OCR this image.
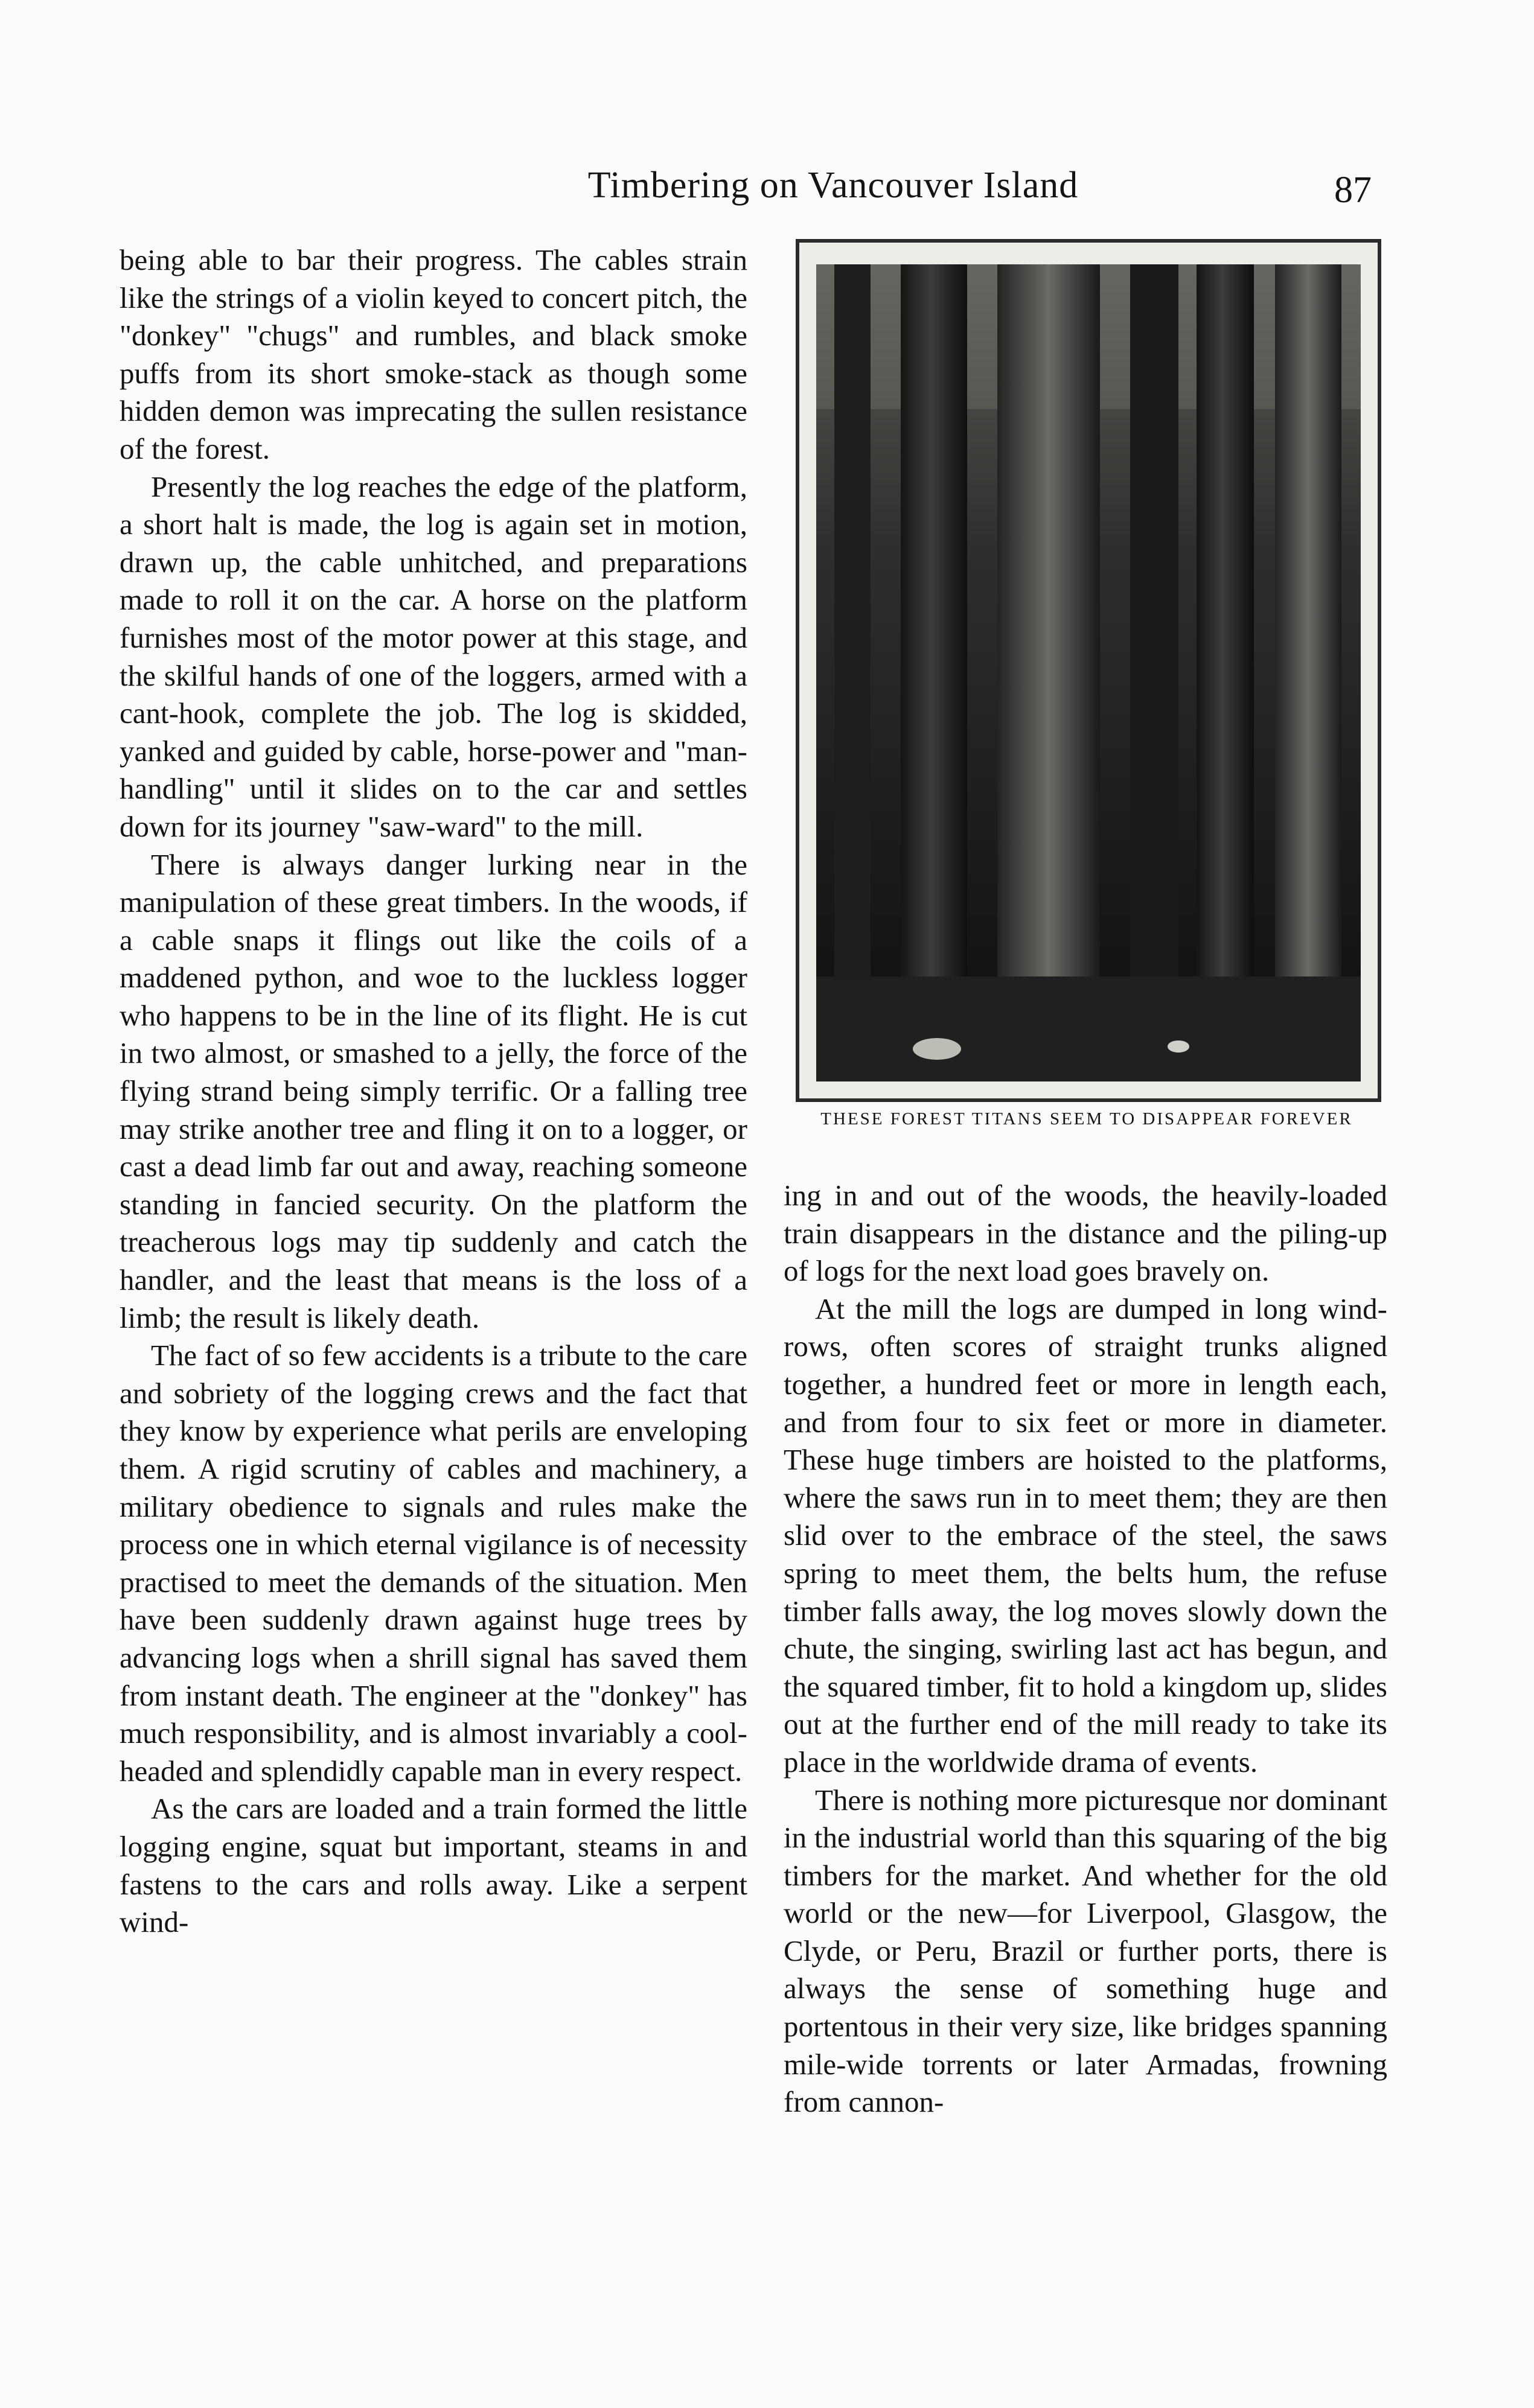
Timbering on Vancouver Island	87

being able to bar their progress. The cables strain like the strings of a violin keyed to concert pitch, the "donkey" "chugs" and rumbles, and black smoke puffs from its short smoke-stack as though some hidden demon was imprecating the sullen resistance of the forest.

Presently the log reaches the edge of the platform, a short halt is made, the log is again set in motion, drawn up, the cable unhitched, and preparations made to roll it on the car. A horse on the platform furnishes most of the motor power at this stage, and the skilful hands of one of the loggers, armed with a cant-hook, complete the job. The log is skidded, yanked and guided by cable, horse-power and "man-handling" until it slides on to the car and settles down for its journey "saw-ward" to the mill.

There is always danger lurking near in the manipulation of these great timbers. In the woods, if a cable snaps it flings out like the coils of a maddened python, and woe to the luckless logger who happens to be in the line of its flight. He is cut in two almost, or smashed to a jelly, the force of the flying strand being simply terrific. Or a falling tree may strike another tree and fling it on to a logger, or cast a dead limb far out and away, reaching someone standing in fancied security. On the platform the treacherous logs may tip suddenly and catch the handler, and the least that means is the loss of a limb; the result is likely death.

The fact of so few accidents is a tribute to the care and sobriety of the logging crews and the fact that they know by experience what perils are enveloping them. A rigid scrutiny of cables and machinery, a military obedience to signals and rules make the process one in which eternal vigilance is of necessity practised to meet the demands of the situation. Men have been suddenly drawn against huge trees by advancing logs when a shrill signal has saved them from instant death. The engineer at the "donkey" has much responsibility, and is almost invariably a cool-headed and splendidly capable man in every respect.

As the cars are loaded and a train formed the little logging engine, squat but important, steams in and fastens to the cars and rolls away. Like a serpent wind-

THESE FOREST TITANS SEEM TO DISAPPEAR FOREVER

ing in and out of the woods, the heavily-loaded train disappears in the distance and the piling-up of logs for the next load goes bravely on.

At the mill the logs are dumped in long wind-rows, often scores of straight trunks aligned together, a hundred feet or more in length each, and from four to six feet or more in diameter. These huge timbers are hoisted to the platforms, where the saws run in to meet them; they are then slid over to the embrace of the steel, the saws spring to meet them, the belts hum, the refuse timber falls away, the log moves slowly down the chute, the singing, swirling last act has begun, and the squared timber, fit to hold a kingdom up, slides out at the further end of the mill ready to take its place in the worldwide drama of events.

There is nothing more picturesque nor dominant in the industrial world than this squaring of the big timbers for the market. And whether for the old world or the new—for Liverpool, Glasgow, the Clyde, or Peru, Brazil or further ports, there is always the sense of something huge and portentous in their very size, like bridges spanning mile-wide torrents or later Armadas, frowning from cannon-
